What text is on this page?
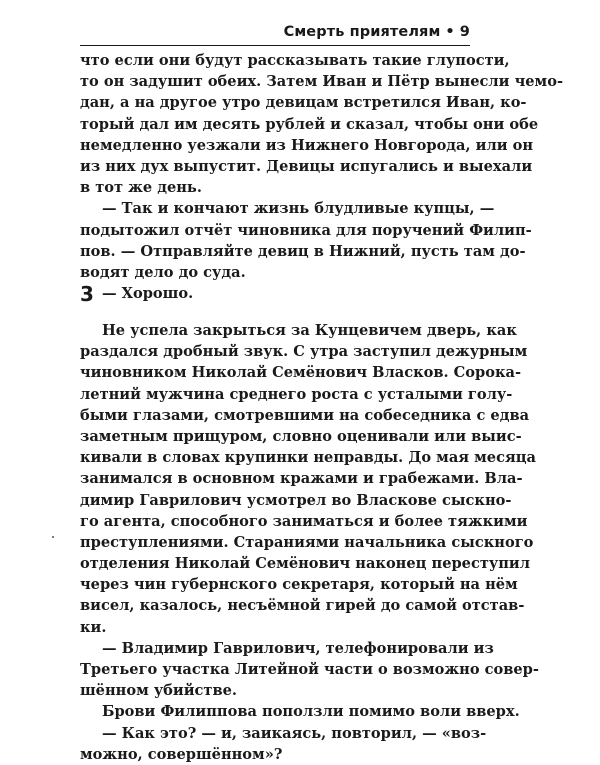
Смерть приятелям • 9
что если они будут рассказывать такие глупости,
то он задушит обеих. Затем Иван и Пётр вынесли чемо-
дан, а на другое утро девицам встретился Иван, ко-
торый дал им десять рублей и сказал, чтобы они обе
немедленно уезжали из Нижнего Новгорода, или он
из них дух выпустит. Девицы испугались и выехали
в тот же день.
— Так и кончают жизнь блудливые купцы, —
подытожил отчёт чиновника для поручений Филип-
пов. — Отправляйте девиц в Нижний, пусть там до-
водят дело до суда.
— Хорошо.
3
Не успела закрыться за Кунцевичем дверь, как
раздался дробный звук. С утра заступил дежурным
чиновником Николай Семёнович Власков. Сорока-
летний мужчина среднего роста с усталыми голу-
быми глазами, смотревшими на собеседника с едва
заметным прищуром, словно оценивали или выис-
кивали в словах крупинки неправды. До мая месяца
занимался в основном кражами и грабежами. Вла-
димир Гаврилович усмотрел во Власкове сыскно-
го агента, способного заниматься и более тяжкими
преступлениями. Стараниями начальника сыскного
отделения Николай Семёнович наконец переступил
через чин губернского секретаря, который на нём
висел, казалось, несъёмной гирей до самой отстав-
ки.
— Владимир Гаврилович, телефонировали из
Третьего участка Литейной части о возможно совер-
шённом убийстве.
Брови Филиппова поползли помимо воли вверх.
— Как это? — и, заикаясь, повторил, — «воз-
можно, совершённом»?
